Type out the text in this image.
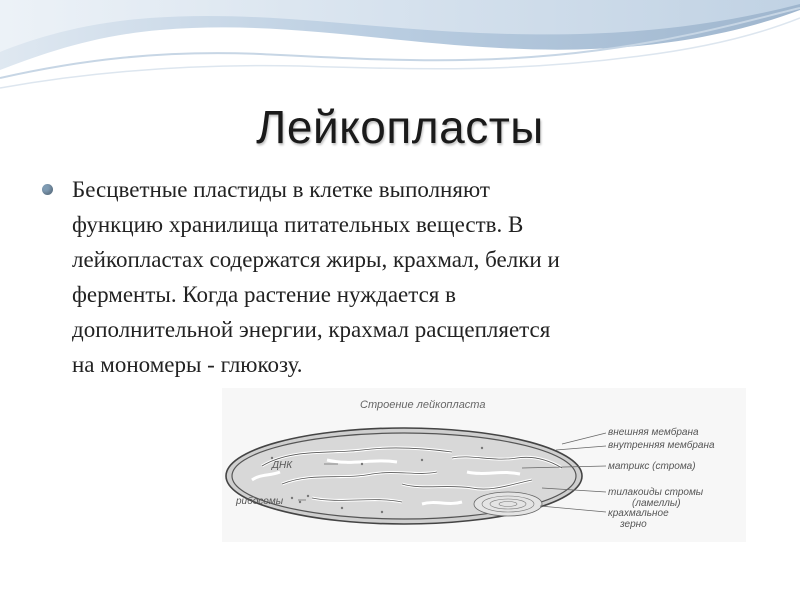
Лейкопласты
Бесцветные пластиды в клетке выполняют
функцию хранилища питательных веществ. В
лейкопластах содержатся жиры, крахмал, белки и
ферменты. Когда растение нуждается в
дополнительной энергии, крахмал расщепляется
на мономеры - глюкозу.
Строение лейкопласта
ДНК
рибосомы
внешняя мембрана
внутренняя мембрана
матрикс (строма)
тилакоиды стромы
(ламеллы)
крахмальное
зерно
